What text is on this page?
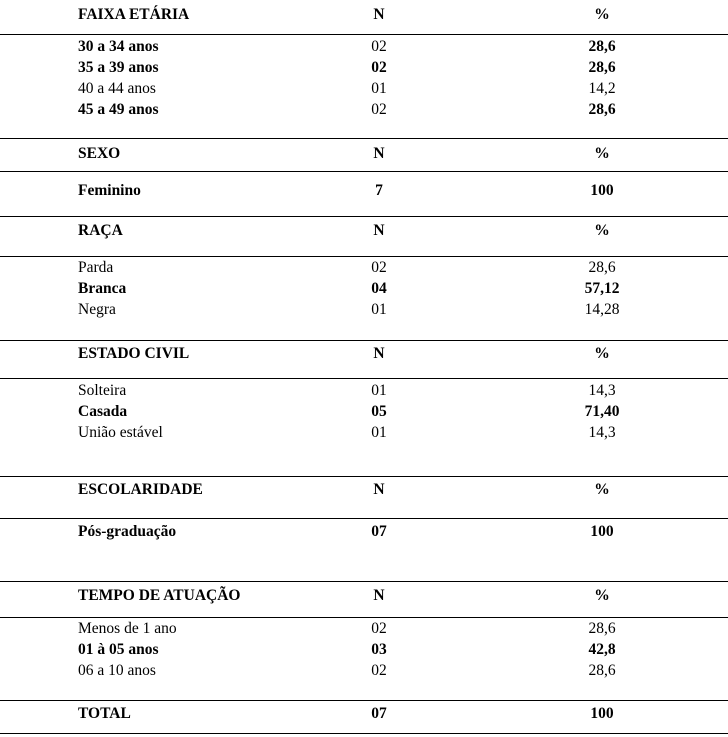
FAIXA ETÁRIA	N	%
30 a 34 anos	02	28,6
35 a 39 anos	02	28,6
40 a 44 anos	01	14,2
45 a 49 anos	02	28,6
SEXO	N	%
Feminino	7	100
RAÇA	N	%
Parda	02	28,6
Branca	04	57,12
Negra	01	14,28
ESTADO CIVIL	N	%
Solteira	01	14,3
Casada	05	71,40
União estável	01	14,3
ESCOLARIDADE	N	%
Pós-graduação	07	100
TEMPO DE ATUAÇÃO	N	%
Menos de 1 ano	02	28,6
01 à 05 anos	03	42,8
06 a 10 anos	02	28,6
TOTAL	07	100
